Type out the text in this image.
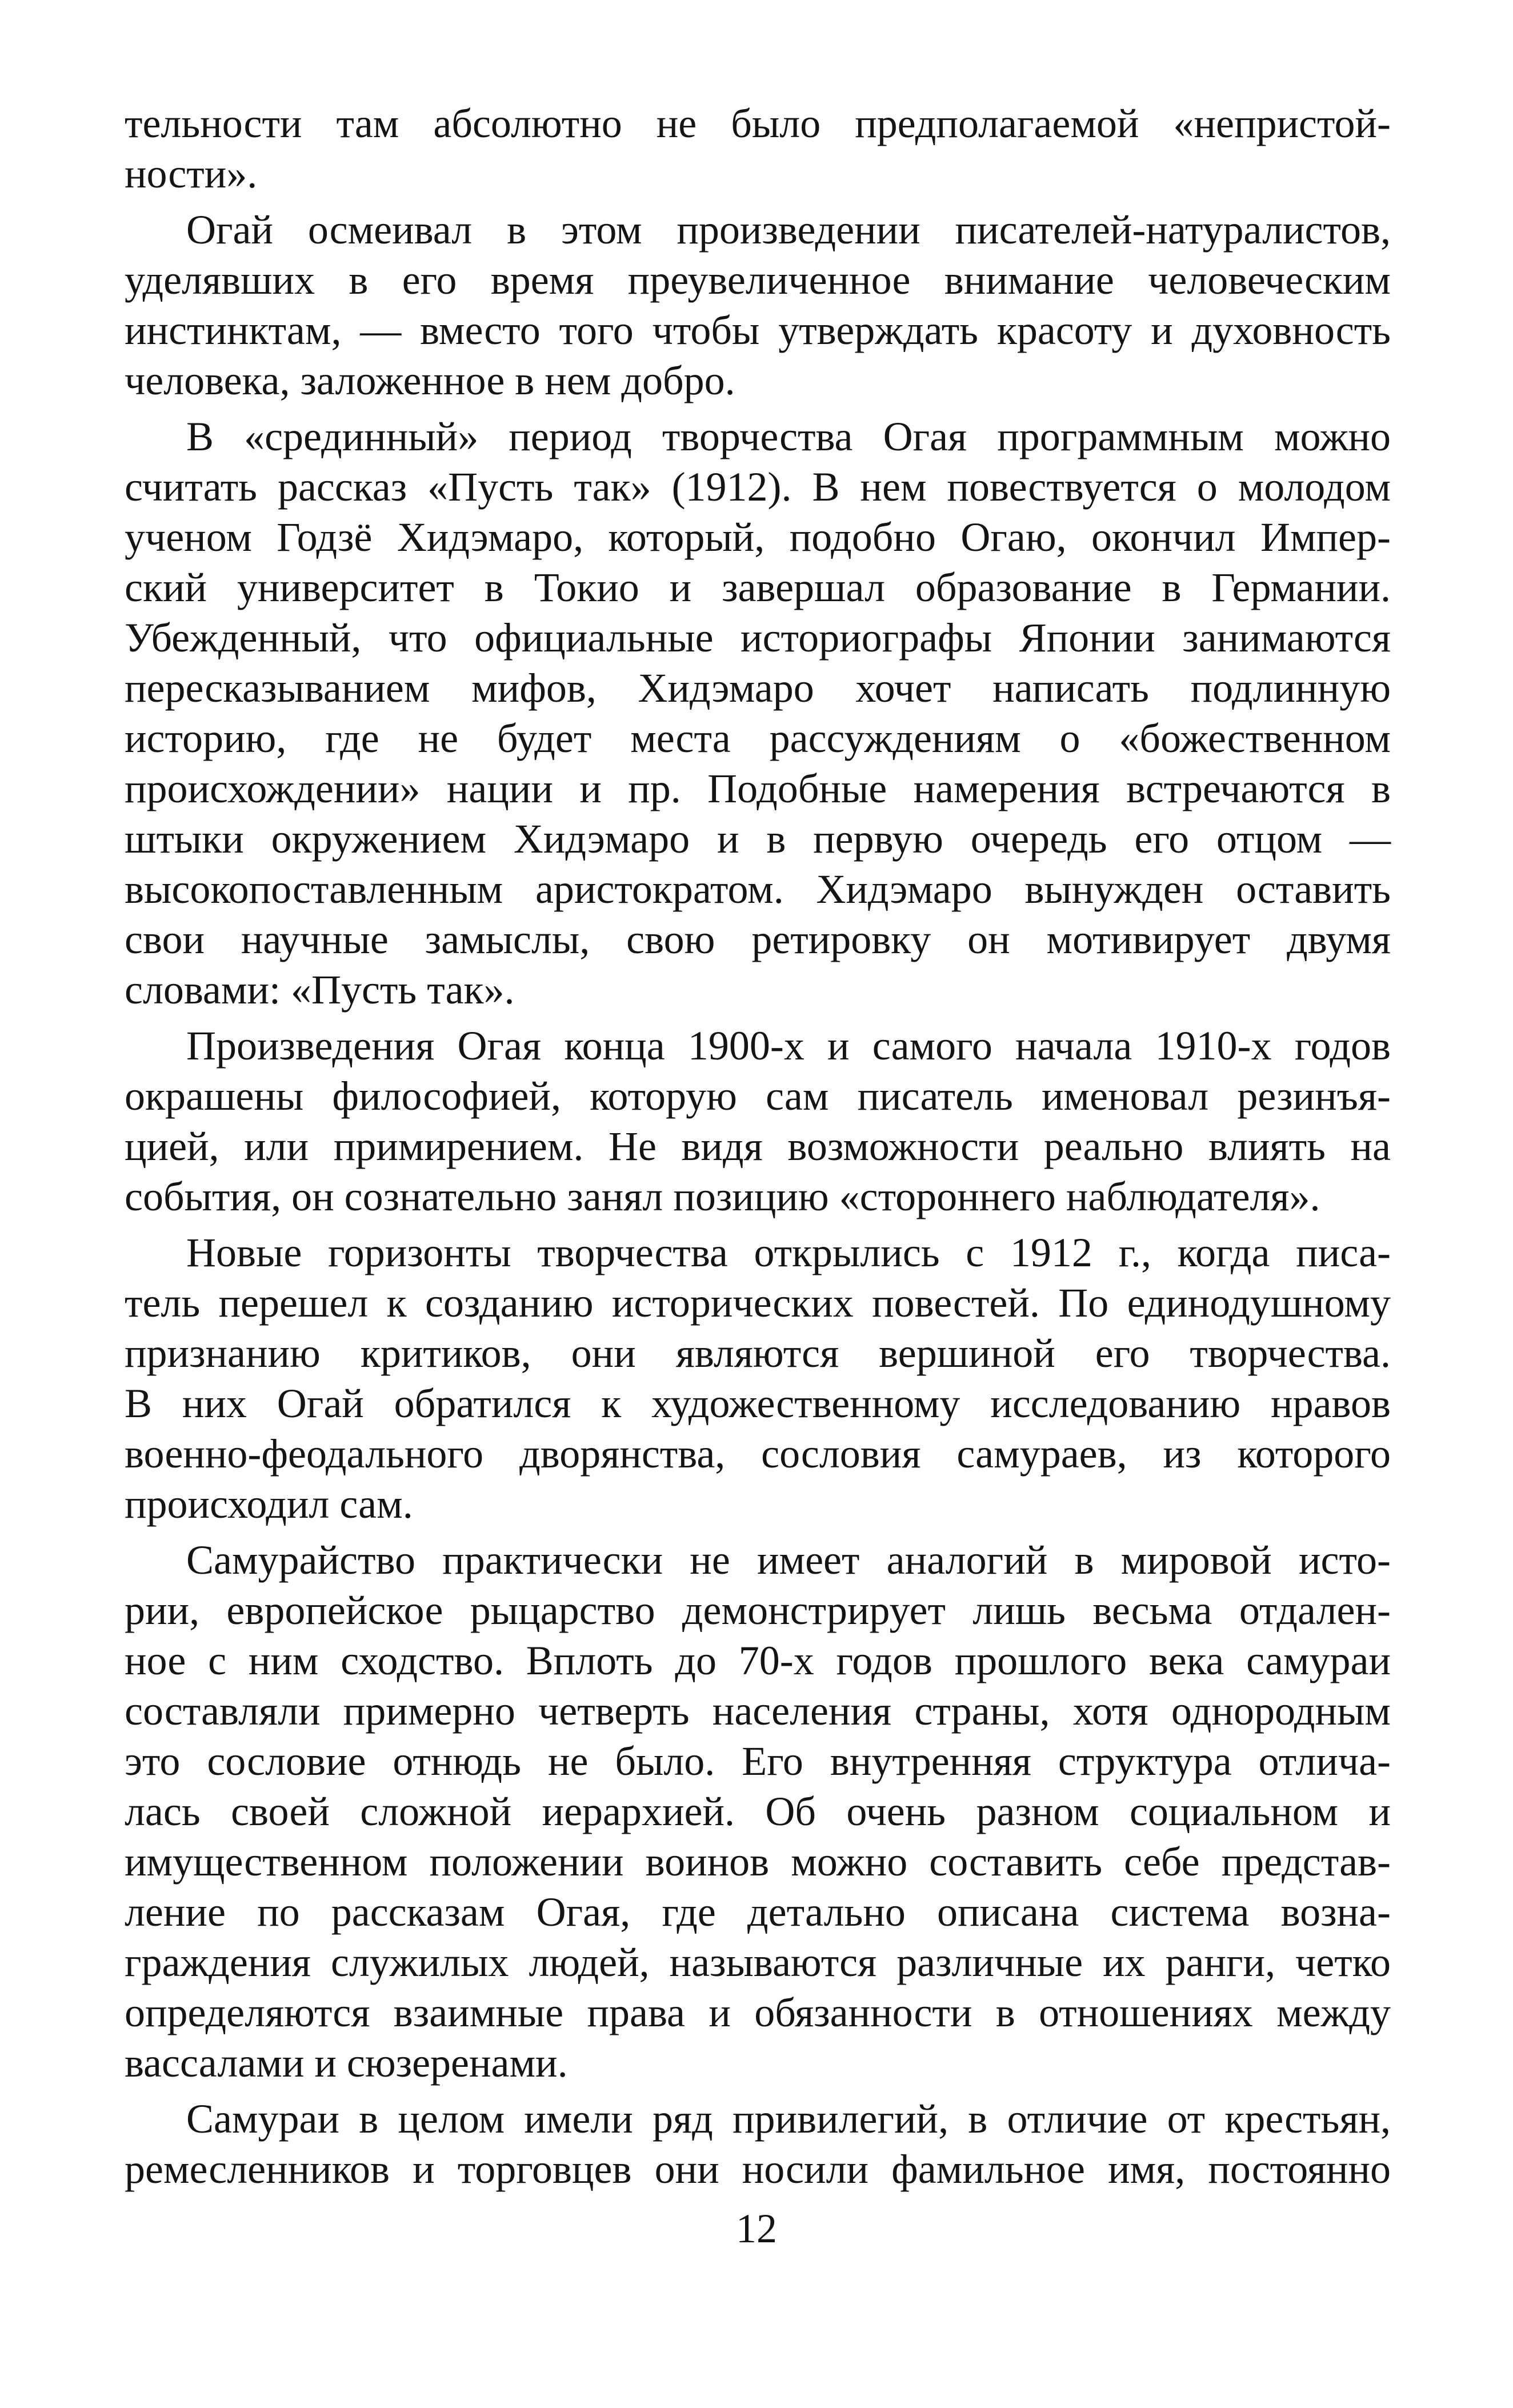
тельности там абсолютно не было предполагаемой «непристой-
ности».
Огай осмеивал в этом произведении писателей-натуралистов,
уделявших в его время преувеличенное внимание человеческим
инстинктам, — вместо того чтобы утверждать красоту и духовность
человека, заложенное в нем добро.
В «срединный» период творчества Огая программным можно
считать рассказ «Пусть так» (1912). В нем повествуется о молодом
ученом Годзё Хидэмаро, который, подобно Огаю, окончил Импер-
ский университет в Токио и завершал образование в Германии.
Убежденный, что официальные историографы Японии занимаются
пересказыванием мифов, Хидэмаро хочет написать подлинную
историю, где не будет места рассуждениям о «божественном
происхождении» нации и пр. Подобные намерения встречаются в
штыки окружением Хидэмаро и в первую очередь его отцом —
высокопоставленным аристократом. Хидэмаро вынужден оставить
свои научные замыслы, свою ретировку он мотивирует двумя
словами: «Пусть так».
Произведения Огая конца 1900-х и самого начала 1910-х годов
окрашены философией, которую сам писатель именовал резинъя-
цией, или примирением. Не видя возможности реально влиять на
события, он сознательно занял позицию «стороннего наблюдателя».
Новые горизонты творчества открылись с 1912 г., когда писа-
тель перешел к созданию исторических повестей. По единодушному
признанию критиков, они являются вершиной его творчества.
В них Огай обратился к художественному исследованию нравов
военно-феодального дворянства, сословия самураев, из которого
происходил сам.
Самурайство практически не имеет аналогий в мировой исто-
рии, европейское рыцарство демонстрирует лишь весьма отдален-
ное с ним сходство. Вплоть до 70-х годов прошлого века самураи
составляли примерно четверть населения страны, хотя однородным
это сословие отнюдь не было. Его внутренняя структура отлича-
лась своей сложной иерархией. Об очень разном социальном и
имущественном положении воинов можно составить себе представ-
ление по рассказам Огая, где детально описана система возна-
граждения служилых людей, называются различные их ранги, четко
определяются взаимные права и обязанности в отношениях между
вассалами и сюзеренами.
Самураи в целом имели ряд привилегий, в отличие от крестьян,
ремесленников и торговцев они носили фамильное имя, постоянно
12
